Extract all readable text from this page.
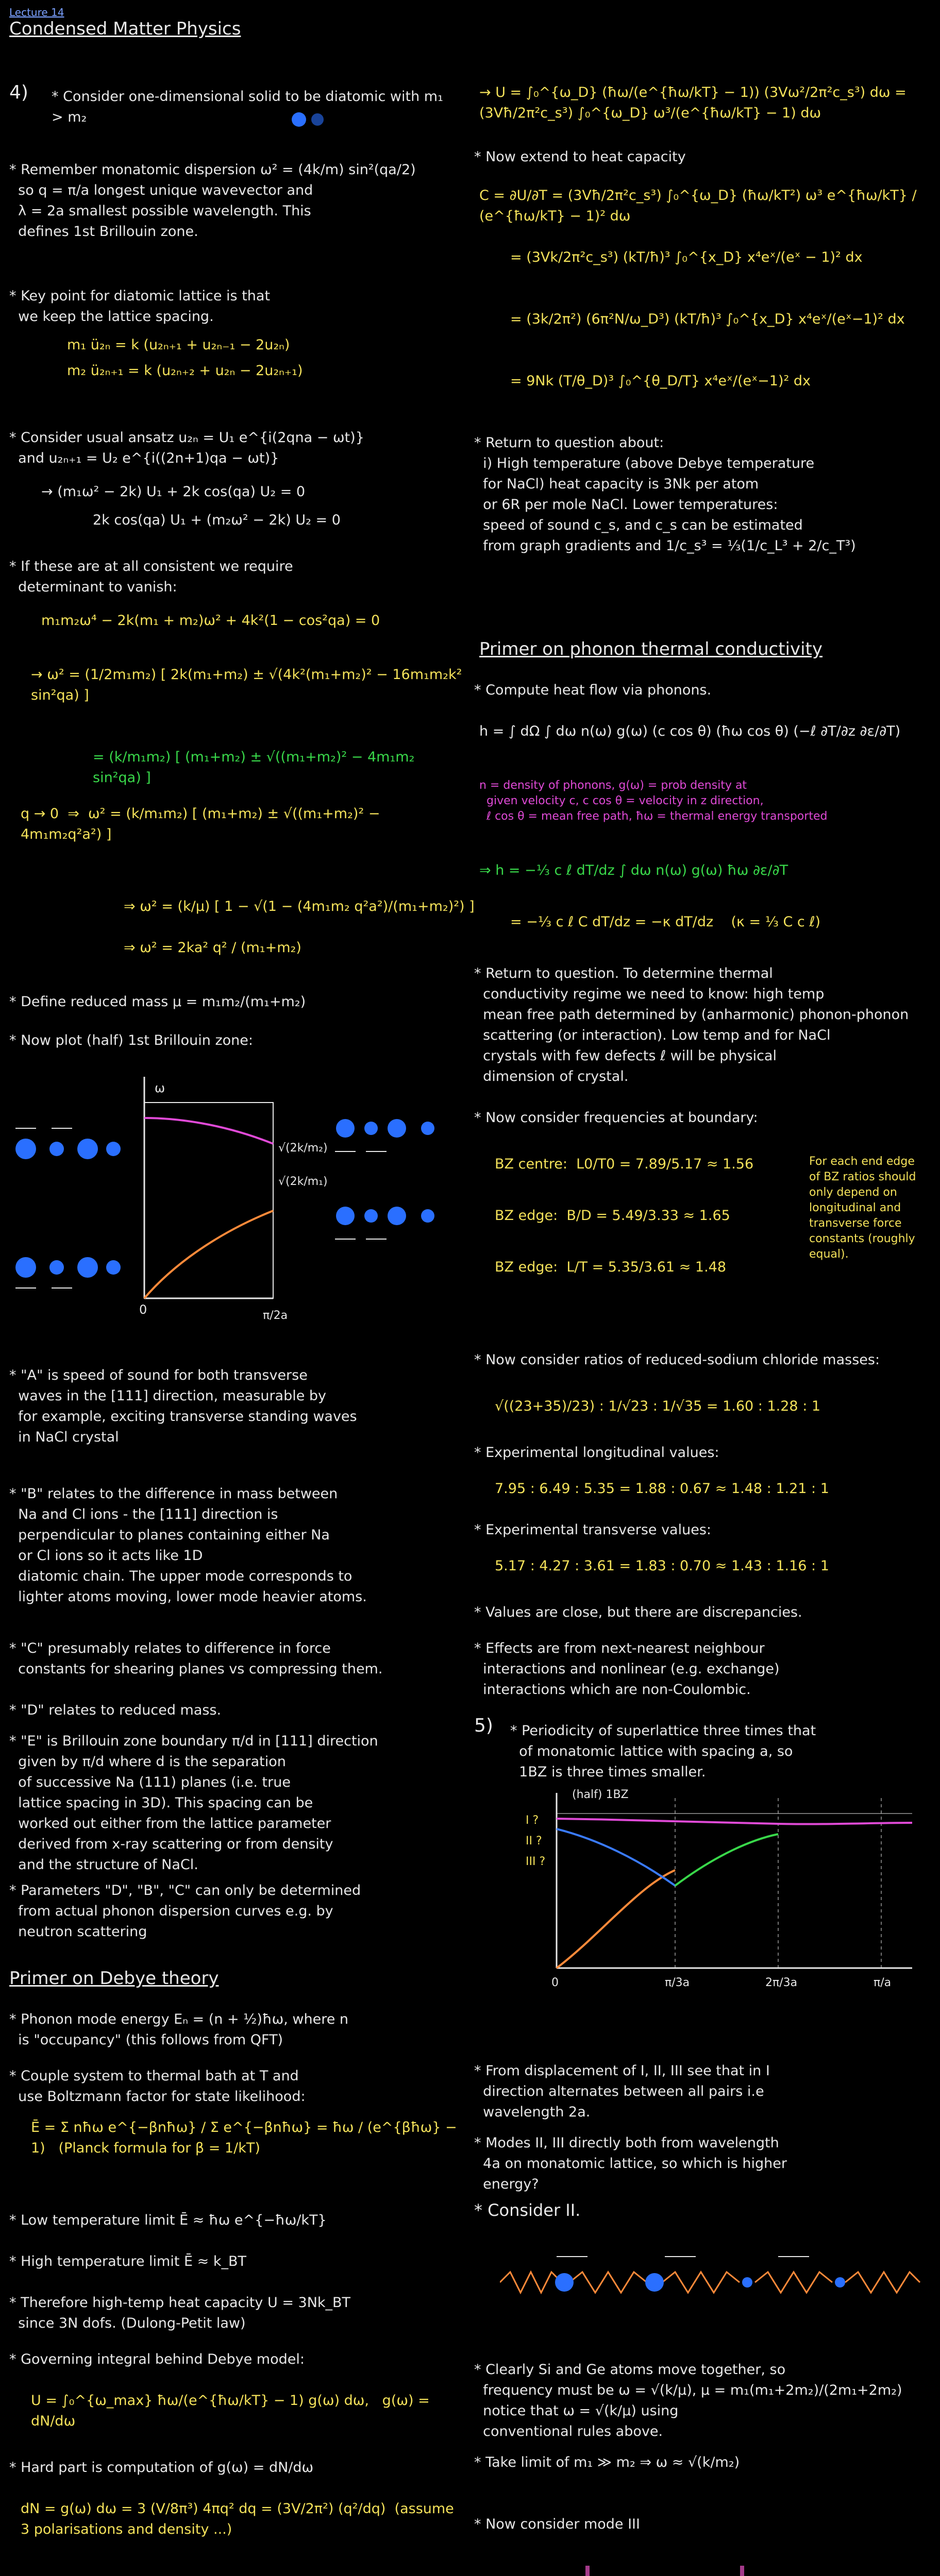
Lecture 14
Condensed Matter Physics
4) * Consider one-dimensional solid to be diatomic with m₁ > m₂
* Remember monatomic dispersion ω² = (4k/m) sin²(qa/2)
so q = π/a longest unique wavevector and
λ = 2a smallest possible wavelength. This
defines 1st Brillouin zone.
* Key point for diatomic lattice is that
we keep the lattice spacing.
m₁ ü₂ₙ = k (u₂ₙ₊₁ + u₂ₙ₋₁ − 2u₂ₙ)
m₂ ü₂ₙ₊₁ = k (u₂ₙ₊₂ + u₂ₙ − 2u₂ₙ₊₁)
* Consider usual ansatz u₂ₙ = U₁ e^{i(2qna − ωt)}
and u₂ₙ₊₁ = U₂ e^{i((2n+1)qa − ωt)}
→ (m₁ω² − 2k) U₁ + 2k cos(qa) U₂ = 0
2k cos(qa) U₁ + (m₂ω² − 2k) U₂ = 0
* If these are at all consistent we require
determinant to vanish:
m₁m₂ω⁴ − 2k(m₁ + m₂)ω² + 4k²(1 − cos²qa) = 0
→ ω² = (1/2m₁m₂) [ 2k(m₁+m₂) ± √(4k²(m₁+m₂)² − 16m₁m₂k² sin²qa) ]
= (k/m₁m₂) [ (m₁+m₂) ± √((m₁+m₂)² − 4m₁m₂ sin²qa) ]
q → 0  ⇒  ω² = (k/m₁m₂) [ (m₁+m₂) ± √((m₁+m₂)² − 4m₁m₂q²a²) ]
⇒ ω² = (k/μ) [ 1 − √(1 − (4m₁m₂ q²a²)/(m₁+m₂)²) ]
⇒ ω² = 2ka² q² / (m₁+m₂)
* Define reduced mass μ = m₁m₂/(m₁+m₂)
* Now plot (half) 1st Brillouin zone:
ω
0	π/2a
√(2k/m₂)
√(2k/m₁)
* "A" is speed of sound for both transverse
waves in the [111] direction, measurable by
for example, exciting transverse standing waves
in NaCl crystal
* "B" relates to the difference in mass between
Na and Cl ions - the [111] direction is
perpendicular to planes containing either Na
or Cl ions so it acts like 1D
diatomic chain. The upper mode corresponds to
lighter atoms moving, lower mode heavier atoms.
* "C" presumably relates to difference in force
constants for shearing planes vs compressing them.
* "D" relates to reduced mass.
* "E" is Brillouin zone boundary π/d in [111] direction
given by π/d where d is the separation
of successive Na (111) planes (i.e. true
lattice spacing in 3D). This spacing can be
worked out either from the lattice parameter
derived from x-ray scattering or from density
and the structure of NaCl.
* Parameters "D", "B", "C" can only be determined
from actual phonon dispersion curves e.g. by
neutron scattering
Primer on Debye theory
* Phonon mode energy Eₙ = (n + ½)ħω, where n
is "occupancy" (this follows from QFT)
* Couple system to thermal bath at T and
use Boltzmann factor for state likelihood:
Ē = Σ nħω e^{−βnħω} / Σ e^{−βnħω} = ħω / (e^{βħω} − 1)   (Planck formula for β = 1/kT)
* Low temperature limit Ē ≈ ħω e^{−ħω/kT}
* High temperature limit Ē ≈ k_BT
* Therefore high-temp heat capacity U = 3Nk_BT
since 3N dofs. (Dulong-Petit law)
* Governing integral behind Debye model:
U = ∫₀^{ω_max} ħω/(e^{ħω/kT} − 1) g(ω) dω,   g(ω) = dN/dω
* Hard part is computation of g(ω) = dN/dω
dN = g(ω) dω = 3 (V/8π³) 4πq² dq = (3V/2π²) (q²/dq)  (assume 3 polarisations and density ...)
→ U = ∫₀^{ω_D} (ħω/(e^{ħω/kT} − 1)) (3Vω²/2π²c_s³) dω = (3Vħ/2π²c_s³) ∫₀^{ω_D} ω³/(e^{ħω/kT} − 1) dω
* Now extend to heat capacity
C = ∂U/∂T = (3Vħ/2π²c_s³) ∫₀^{ω_D} (ħω/kT²) ω³ e^{ħω/kT} / (e^{ħω/kT} − 1)² dω
= (3Vk/2π²c_s³) (kT/ħ)³ ∫₀^{x_D} x⁴eˣ/(eˣ − 1)² dx
= (3k/2π²) (6π²N/ω_D³) (kT/ħ)³ ∫₀^{x_D} x⁴eˣ/(eˣ−1)² dx
= 9Nk (T/θ_D)³ ∫₀^{θ_D/T} x⁴eˣ/(eˣ−1)² dx
* Return to question about:
i) High temperature (above Debye temperature
for NaCl) heat capacity is 3Nk per atom
or 6R per mole NaCl. Lower temperatures:
speed of sound c_s, and c_s can be estimated
from graph gradients and 1/c_s³ = ⅓(1/c_L³ + 2/c_T³)
Primer on phonon thermal conductivity
* Compute heat flow via phonons.
h = ∫ dΩ ∫ dω n(ω) g(ω) (c cos θ) (ħω cos θ) (−ℓ ∂T/∂z ∂ε/∂T)
n = density of phonons, g(ω) = prob density at
given velocity c, c cos θ = velocity in z direction,
ℓ cos θ = mean free path, ħω = thermal energy transported
⇒ h = −⅓ c ℓ dT/dz ∫ dω n(ω) g(ω) ħω ∂ε/∂T
= −⅓ c ℓ C dT/dz = −κ dT/dz    (κ = ⅓ C c ℓ)
* Return to question. To determine thermal
conductivity regime we need to know: high temp
mean free path determined by (anharmonic) phonon-phonon
scattering (or interaction). Low temp and for NaCl
crystals with few defects ℓ will be physical
dimension of crystal.
* Now consider frequencies at boundary:
BZ centre:  L0/T0 = 7.89/5.17 ≈ 1.56
BZ edge:  B/D = 5.49/3.33 ≈ 1.65
BZ edge:  L/T = 5.35/3.61 ≈ 1.48
For each end edge
of BZ ratios should
only depend on
longitudinal and
transverse force
constants (roughly
equal).
* Now consider ratios of reduced-sodium chloride masses:
√((23+35)/23) : 1/√23 : 1/√35 = 1.60 : 1.28 : 1
* Experimental longitudinal values:
7.95 : 6.49 : 5.35 = 1.88 : 0.67 ≈ 1.48 : 1.21 : 1
* Experimental transverse values:
5.17 : 4.27 : 3.61 = 1.83 : 0.70 ≈ 1.43 : 1.16 : 1
* Values are close, but there are discrepancies.
* Effects are from next-nearest neighbour
interactions and nonlinear (e.g. exchange)
interactions which are non-Coulombic.
5) * Periodicity of superlattice three times that
of monatomic lattice with spacing a, so
1BZ is three times smaller.
(half) 1BZ
I ?
II ?
III ?
0	π/3a	2π/3a	π/a
* From displacement of I, II, III see that in I
direction alternates between all pairs i.e
wavelength 2a.
* Modes II, III directly both from wavelength
4a on monatomic lattice, so which is higher
energy?
* Consider II.
* Clearly Si and Ge atoms move together, so
frequency must be ω = √(k/μ), μ = m₁(m₁+2m₂)/(2m₁+2m₂)
notice that ω = √(k/μ) using
conventional rules above.
* Take limit of m₁ ≫ m₂ ⇒ ω ≈ √(k/m₂)
* Now consider mode III
